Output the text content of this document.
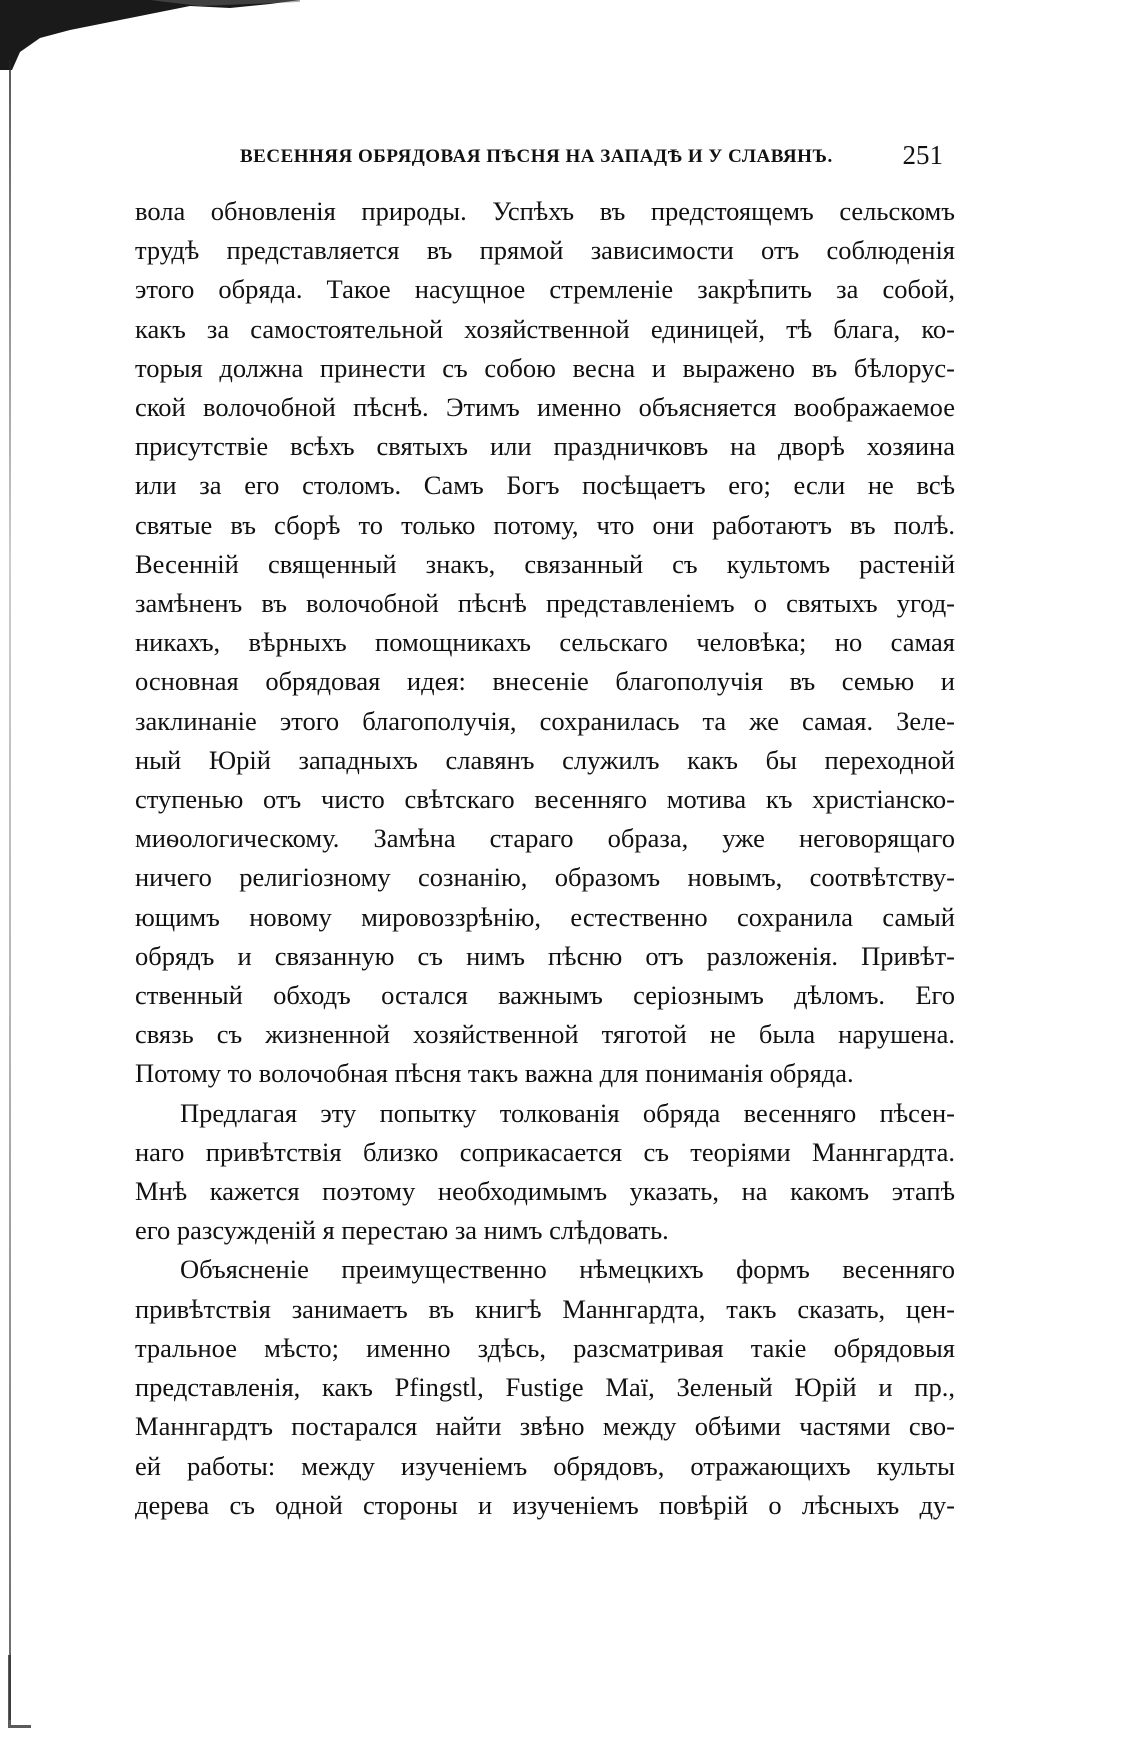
ВЕСЕННЯЯ ОБРЯДОВАЯ ПѢСНЯ НА ЗАПАДѢ И У СЛАВЯНЪ.	251

вола обновленія природы. Успѣхъ въ предстоящемъ сельскомъ
трудѣ представляется въ прямой зависимости отъ соблюденія
этого обряда. Такое насущное стремленіе закрѣпить за собой,
какъ за самостоятельной хозяйственной единицей, тѣ блага, ко-
торыя должна принести съ собою весна и выражено въ бѣлорус-
ской волочобной пѣснѣ. Этимъ именно объясняется воображаемое
присутствіе всѣхъ святыхъ или праздничковъ на дворѣ хозяина
или за его столомъ. Самъ Богъ посѣщаетъ его; если не всѣ
святые въ сборѣ то только потому, что они работаютъ въ полѣ.
Весенній священный знакъ, связанный съ культомъ растеній
замѣненъ въ волочобной пѣснѣ представленіемъ о святыхъ угод-
никахъ, вѣрныхъ помощникахъ сельскаго человѣка; но самая
основная обрядовая идея: внесеніе благополучія въ семью и
заклинаніе этого благополучія, сохранилась та же самая. Зеле-
ный Юрій западныхъ славянъ служилъ какъ бы переходной
ступенью отъ чисто свѣтскаго весенняго мотива къ христіанско-
миѳологическому. Замѣна стараго образа, уже неговорящаго
ничего религіозному сознанію, образомъ новымъ, соотвѣтству-
ющимъ новому мировоззрѣнію, естественно сохранила самый
обрядъ и связанную съ нимъ пѣсню отъ разложенія. Привѣт-
ственный обходъ остался важнымъ серіознымъ дѣломъ. Его
связь съ жизненной хозяйственной тяготой не была нарушена.
Потому то волочобная пѣсня такъ важна для пониманія обряда.

Предлагая эту попытку толкованія обряда весенняго пѣсен-
наго привѣтствія близко соприкасается съ теоріями Маннгардта.
Мнѣ кажется поэтому необходимымъ указать, на какомъ этапѣ
его разсужденій я перестаю за нимъ слѣдовать.

Объясненіе преимущественно нѣмецкихъ формъ весенняго
привѣтствія занимаетъ въ книгѣ Маннгардта, такъ сказать, цен-
тральное мѣсто; именно здѣсь, разсматривая такіе обрядовыя
представленія, какъ Pfingstl, Fustige Maï, Зеленый Юрій и пр.,
Маннгардтъ постарался найти звѣно между обѣими частями сво-
ей работы: между изученіемъ обрядовъ, отражающихъ культы
дерева съ одной стороны и изученіемъ повѣрій о лѣсныхъ ду-
